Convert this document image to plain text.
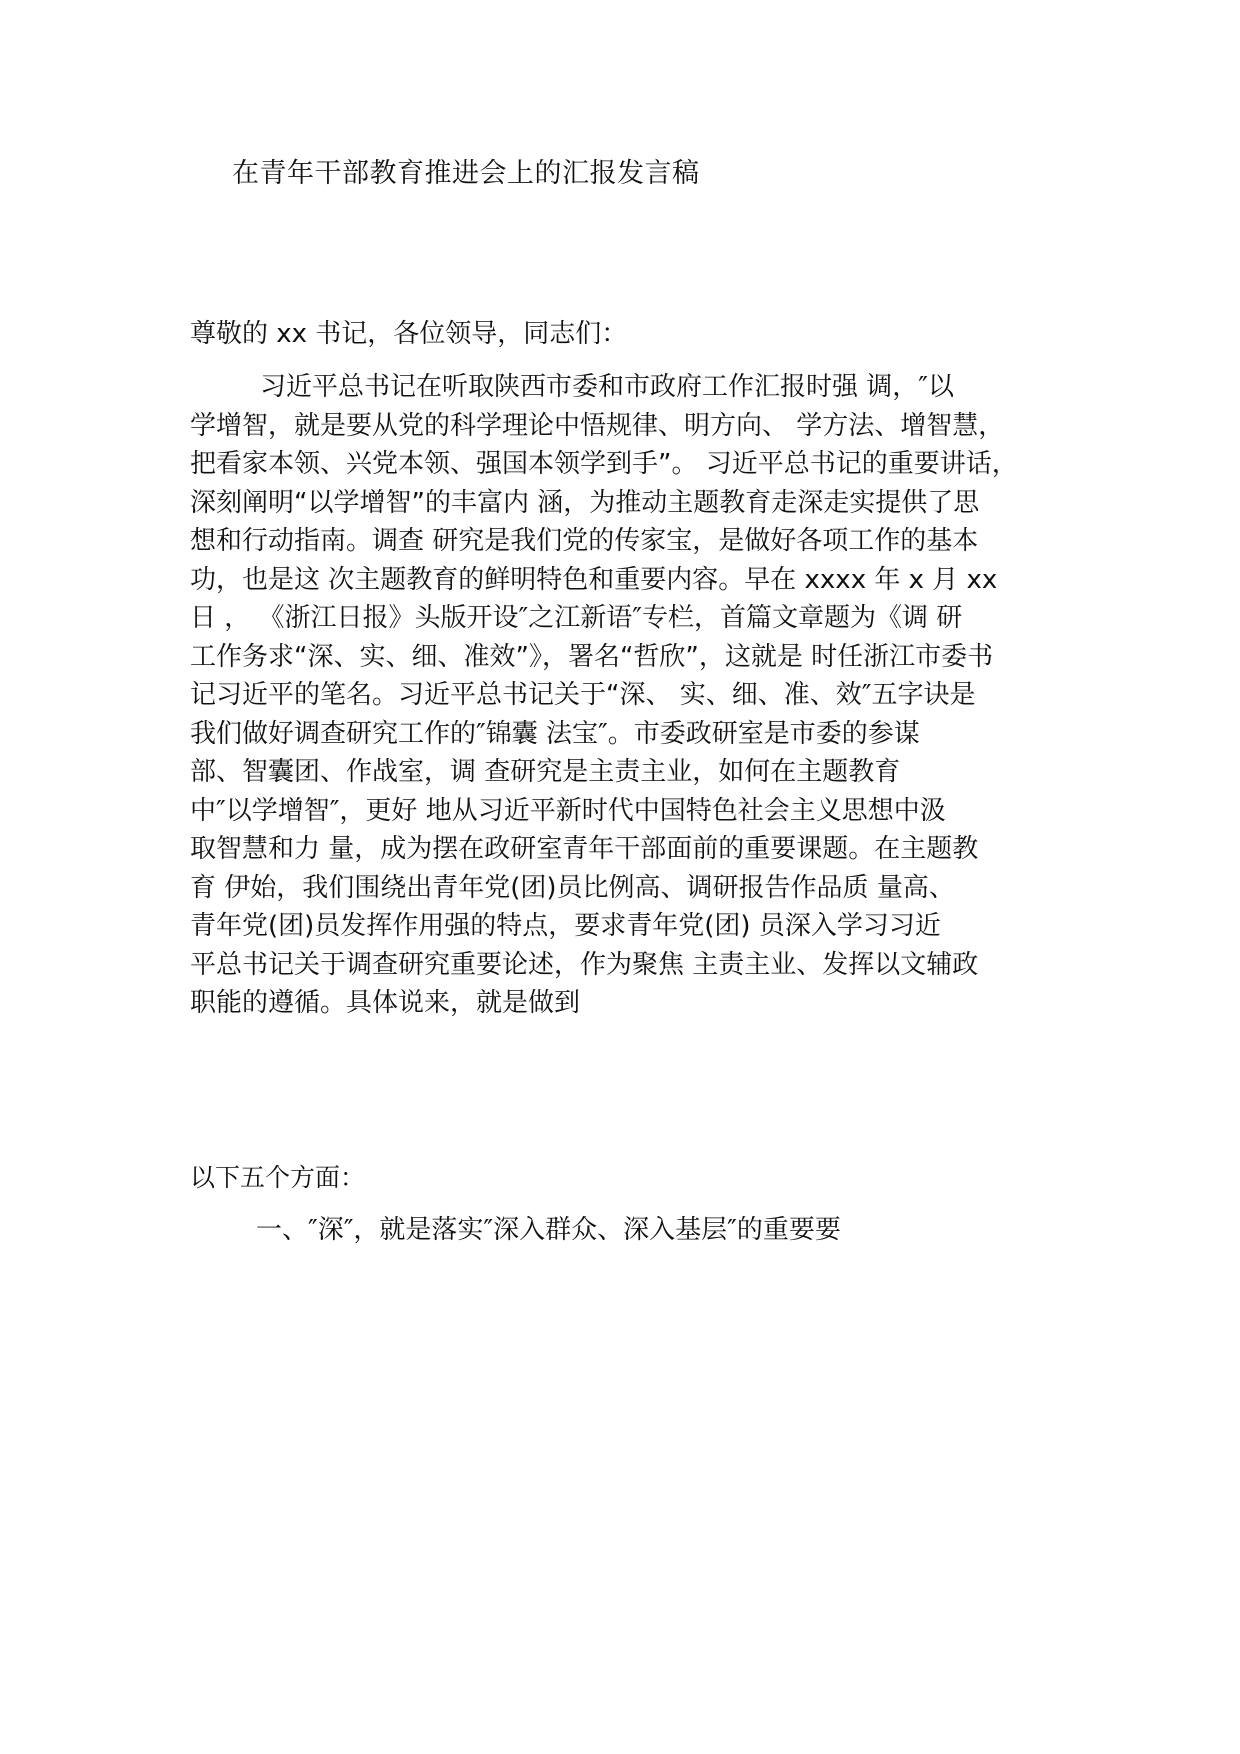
在青年干部教育推进会上的汇报发言稿
尊敬的 xx 书记，各位领导，同志们：
习近平总书记在听取陕西市委和市政府工作汇报时强 调，″以
学增智，就是要从党的科学理论中悟规律、明方向、 学方法、增智慧，
把看家本领、兴党本领、强国本领学到手”。 习近平总书记的重要讲话，
深刻阐明“以学增智”的丰富内 涵，为推动主题教育走深走实提供了思
想和行动指南。调查 研究是我们党的传家宝，是做好各项工作的基本
功，也是这 次主题教育的鲜明特色和重要内容。早在 xxxx 年 x 月 xx
日 ， 《浙江日报》头版开设″之江新语″专栏，首篇文章题为《调 研
工作务求“深、实、细、准效”》，署名“哲欣”，这就是 时任浙江市委书
记习近平的笔名。习近平总书记关于“深、 实、细、准、效″五字诀是
我们做好调查研究工作的″锦囊 法宝″。市委政研室是市委的参谋
部、智囊团、作战室，调 查研究是主责主业，如何在主题教育
中″以学增智″，更好 地从习近平新时代中国特色社会主义思想中汲
取智慧和力 量，成为摆在政研室青年干部面前的重要课题。在主题教
育 伊始，我们围绕出青年党(团)员比例高、调研报告作品质 量高、
青年党(团)员发挥作用强的特点，要求青年党(团) 员深入学习习近
平总书记关于调查研究重要论述，作为聚焦 主责主业、发挥以文辅政
职能的遵循。具体说来，就是做到
以下五个方面：
一、″深″，就是落实″深入群众、深入基层″的重要要
